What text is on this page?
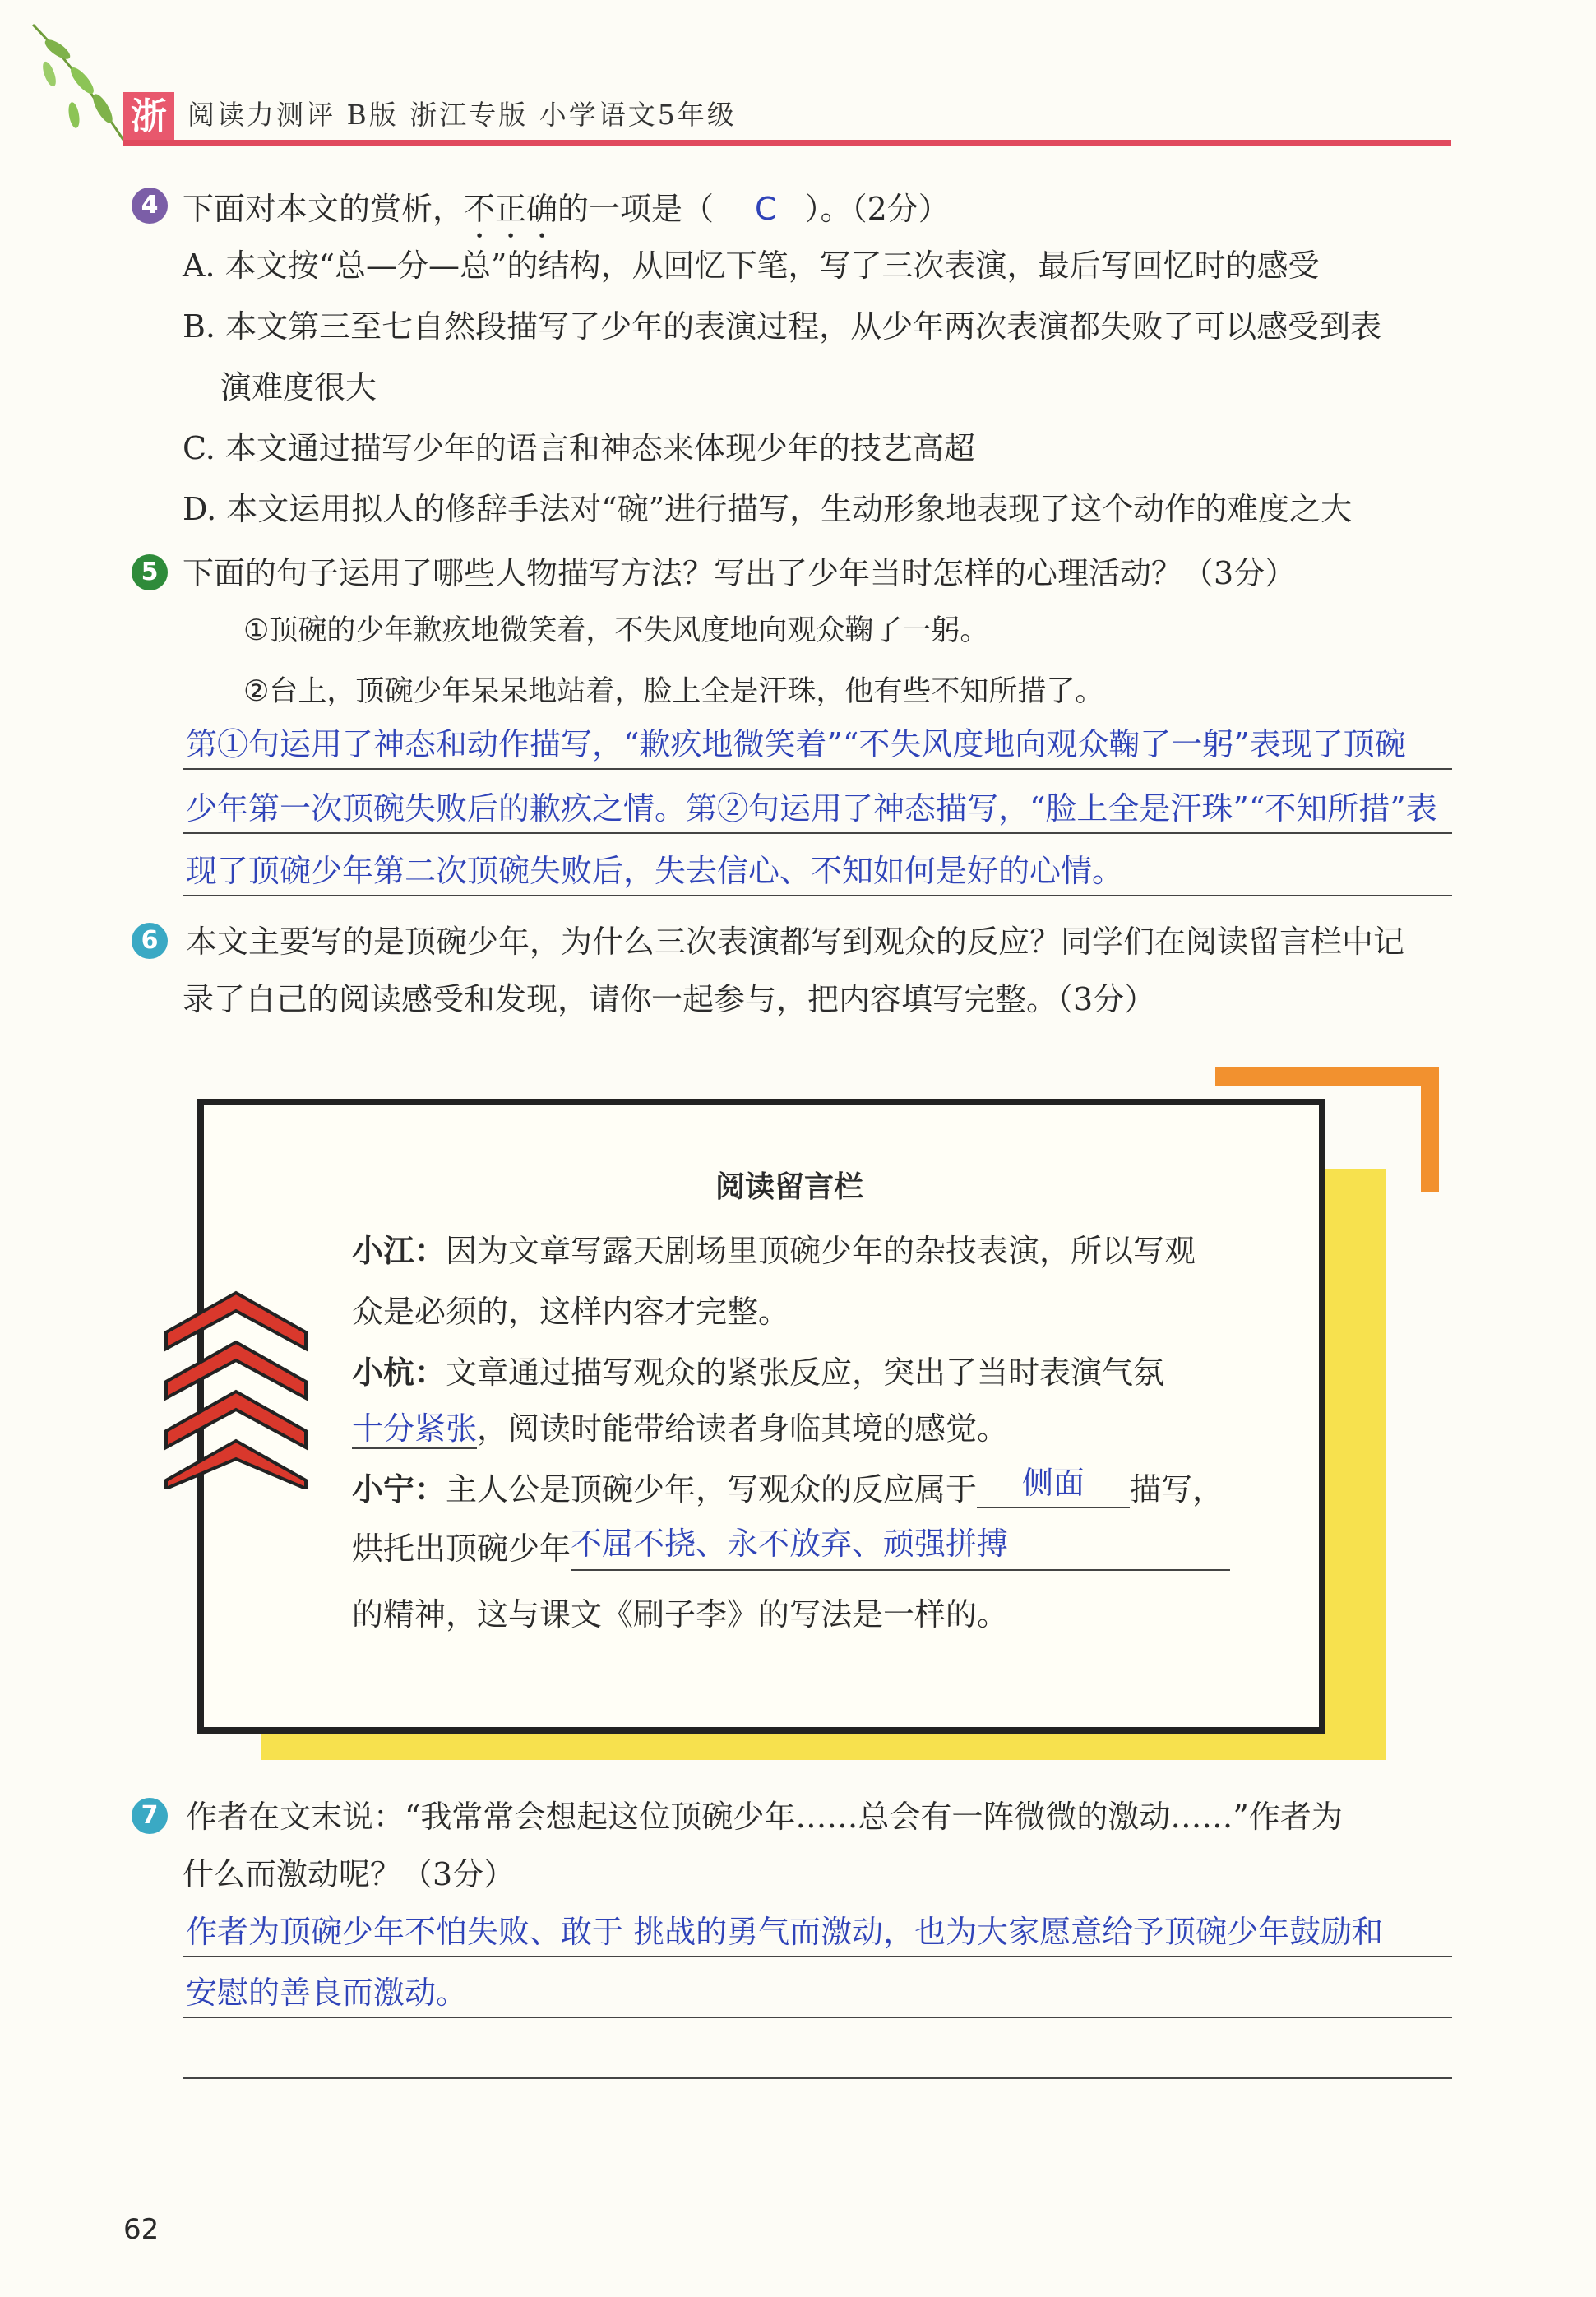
浙 阅读力测评 B版 浙江专版 小学语文5年级
4 下面对本文的赏析，不正确的一项是（ C ）。（2分）
A. 本文按“总—分—总”的结构，从回忆下笔，写了三次表演，最后写回忆时的感受
B. 本文第三至七自然段描写了少年的表演过程，从少年两次表演都失败了可以感受到表
演难度很大
C. 本文通过描写少年的语言和神态来体现少年的技艺高超
D. 本文运用拟人的修辞手法对“碗”进行描写，生动形象地表现了这个动作的难度之大
5 下面的句子运用了哪些人物描写方法？写出了少年当时怎样的心理活动？（3分）
①顶碗的少年歉疚地微笑着，不失风度地向观众鞠了一躬。
②台上，顶碗少年呆呆地站着，脸上全是汗珠，他有些不知所措了。
第①句运用了神态和动作描写，“歉疚地微笑着”“不失风度地向观众鞠了一躬”表现了顶碗
少年第一次顶碗失败后的歉疚之情。第②句运用了神态描写，“脸上全是汗珠”“不知所措”表
现了顶碗少年第二次顶碗失败后，失去信心、不知如何是好的心情。
6 本文主要写的是顶碗少年，为什么三次表演都写到观众的反应？同学们在阅读留言栏中记
录了自己的阅读感受和发现，请你一起参与，把内容填写完整。（3分）
阅读留言栏
小江：因为文章写露天剧场里顶碗少年的杂技表演，所以写观
众是必须的，这样内容才完整。
小杭：文章通过描写观众的紧张反应，突出了当时表演气氛
十分紧张，阅读时能带给读者身临其境的感觉。
小宁：主人公是顶碗少年，写观众的反应属于 侧面 描写，
烘托出顶碗少年不屈不挠、永不放弃、顽强拼搏
的精神，这与课文《刷子李》的写法是一样的。
7 作者在文末说：“我常常会想起这位顶碗少年……总会有一阵微微的激动……”作者为
什么而激动呢？（3分）
作者为顶碗少年不怕失败、敢于 挑战的勇气而激动，也为大家愿意给予顶碗少年鼓励和
安慰的善良而激动。
62
